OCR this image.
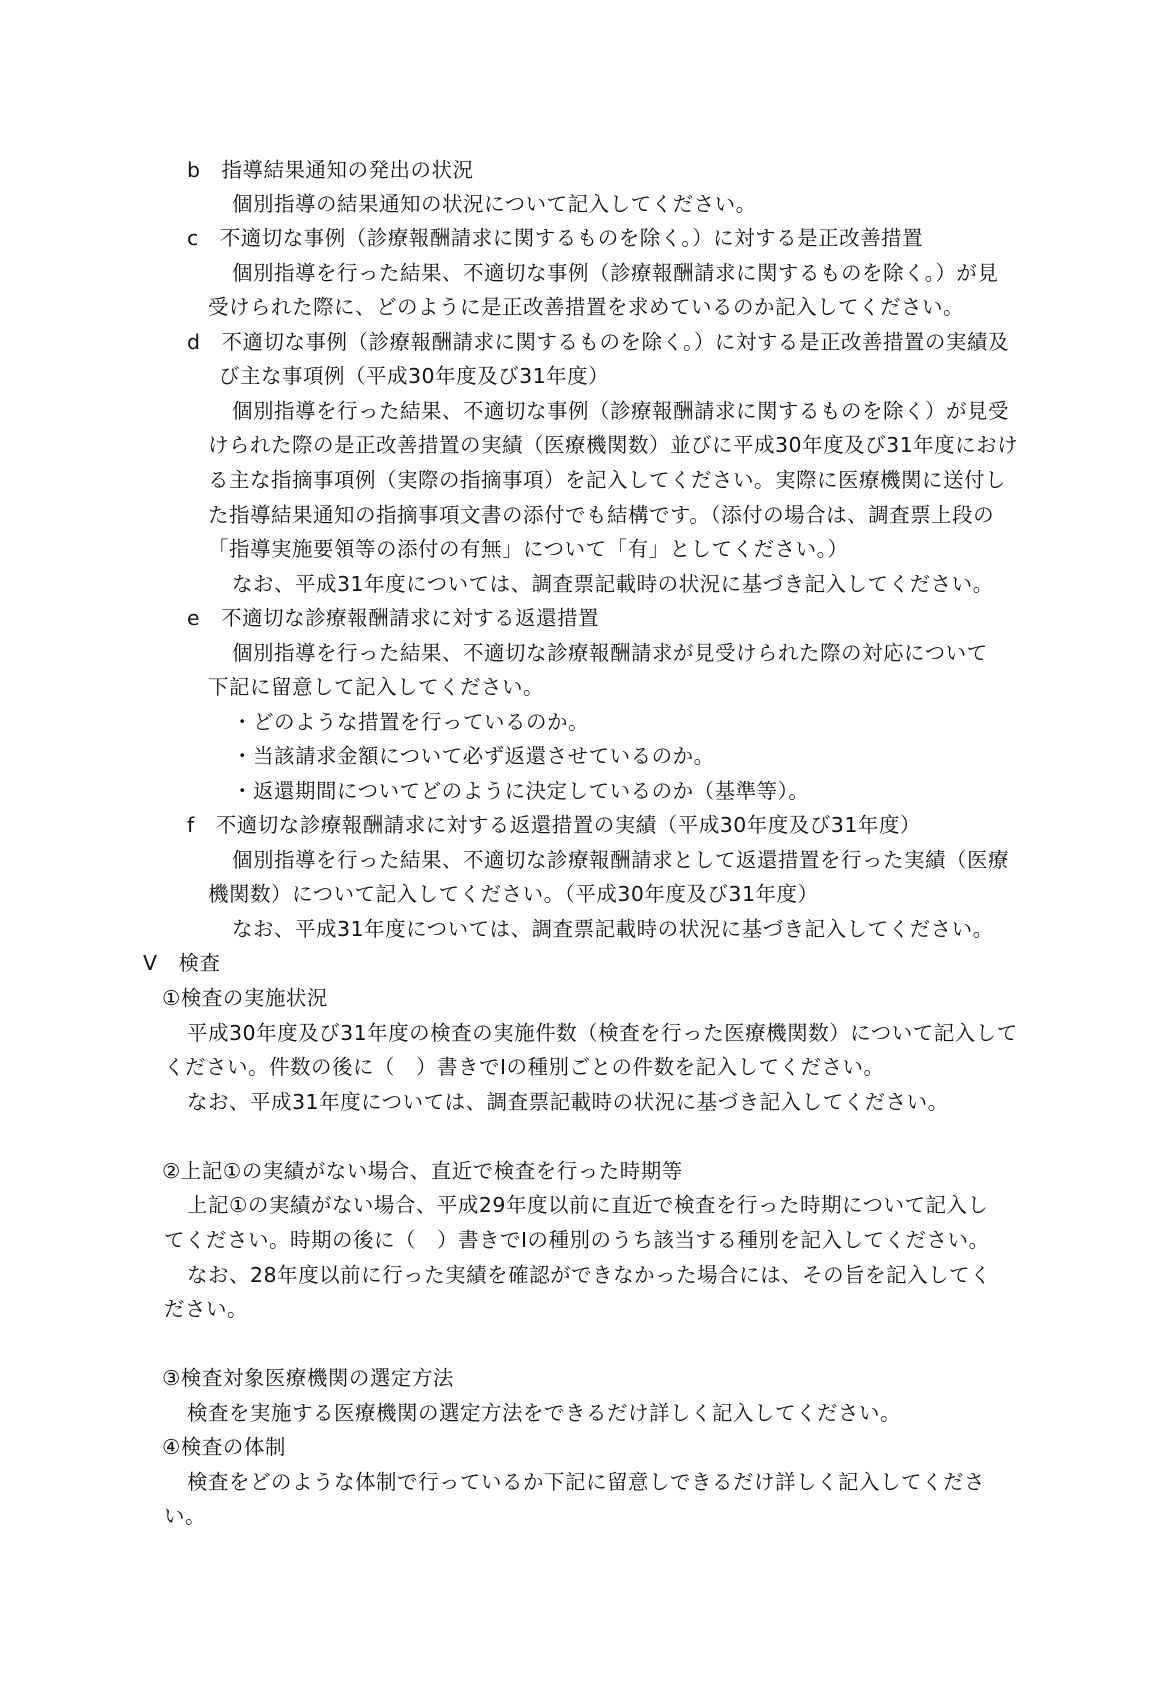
b　指導結果通知の発出の状況
個別指導の結果通知の状況について記入してください。
c　不適切な事例（診療報酬請求に関するものを除く。）に対する是正改善措置
個別指導を行った結果、不適切な事例（診療報酬請求に関するものを除く。）が見
受けられた際に、どのように是正改善措置を求めているのか記入してください。
d　不適切な事例（診療報酬請求に関するものを除く。）に対する是正改善措置の実績及
び主な事項例（平成30年度及び31年度）
個別指導を行った結果、不適切な事例（診療報酬請求に関するものを除く）が見受
けられた際の是正改善措置の実績（医療機関数）並びに平成30年度及び31年度におけ
る主な指摘事項例（実際の指摘事項）を記入してください。実際に医療機関に送付し
た指導結果通知の指摘事項文書の添付でも結構です。（添付の場合は、調査票上段の
「指導実施要領等の添付の有無」について「有」としてください。）
なお、平成31年度については、調査票記載時の状況に基づき記入してください。
e　不適切な診療報酬請求に対する返還措置
個別指導を行った結果、不適切な診療報酬請求が見受けられた際の対応について
下記に留意して記入してください。
・どのような措置を行っているのか。
・当該請求金額について必ず返還させているのか。
・返還期間についてどのように決定しているのか（基準等）。
f　不適切な診療報酬請求に対する返還措置の実績（平成30年度及び31年度）
個別指導を行った結果、不適切な診療報酬請求として返還措置を行った実績（医療
機関数）について記入してください。（平成30年度及び31年度）
なお、平成31年度については、調査票記載時の状況に基づき記入してください。
Ⅴ　検査
①検査の実施状況
平成30年度及び31年度の検査の実施件数（検査を行った医療機関数）について記入して
ください。件数の後に（　）書きでⅠの種別ごとの件数を記入してください。
なお、平成31年度については、調査票記載時の状況に基づき記入してください。
②上記①の実績がない場合、直近で検査を行った時期等
上記①の実績がない場合、平成29年度以前に直近で検査を行った時期について記入し
てください。時期の後に（　）書きでⅠの種別のうち該当する種別を記入してください。
なお、28年度以前に行った実績を確認ができなかった場合には、その旨を記入してく
ださい。
③検査対象医療機関の選定方法
検査を実施する医療機関の選定方法をできるだけ詳しく記入してください。
④検査の体制
検査をどのような体制で行っているか下記に留意しできるだけ詳しく記入してくださ
い。
